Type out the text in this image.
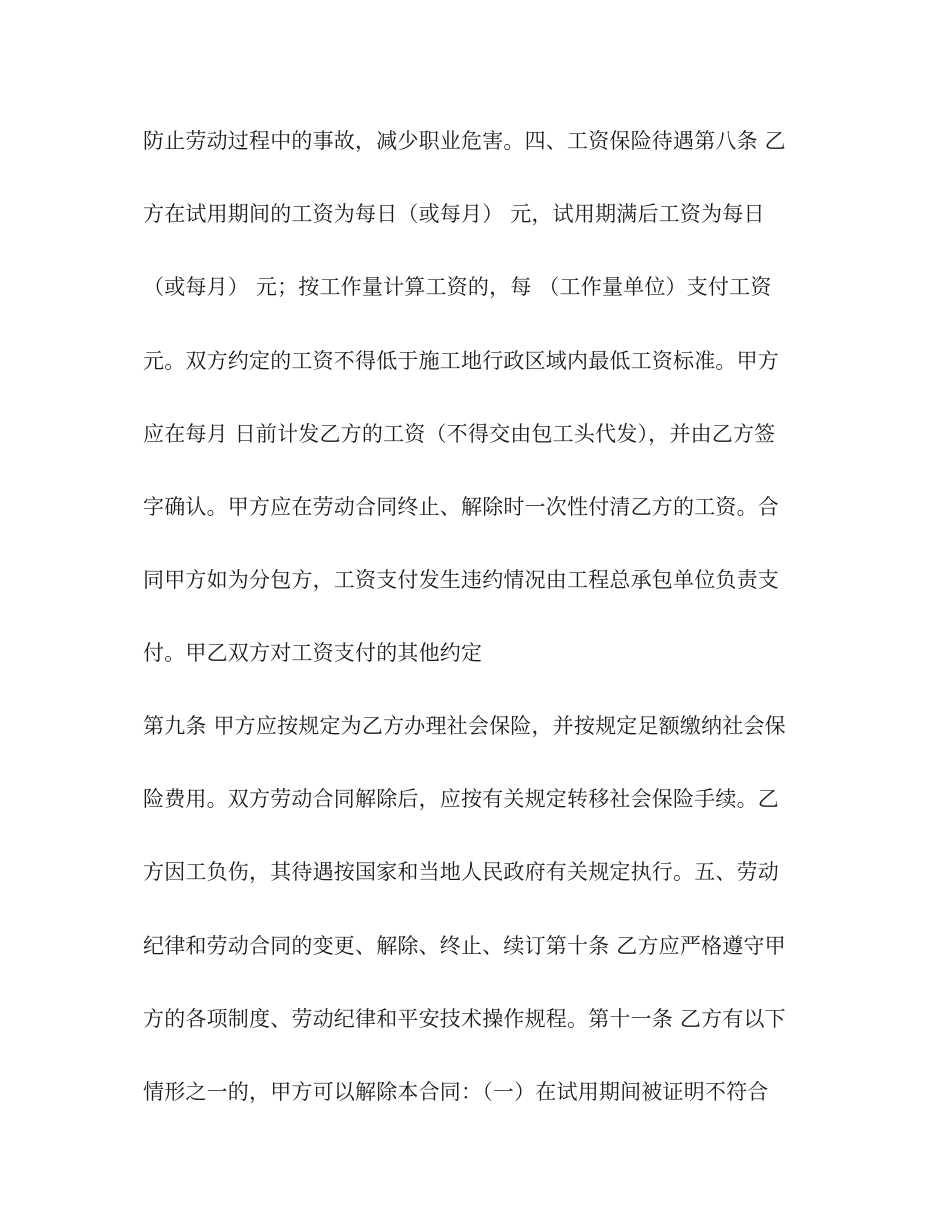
防止劳动过程中的事故，减少职业危害。四、工资保险待遇第八条 乙
方在试用期间的工资为每日（或每月） 元，试用期满后工资为每日
（或每月） 元；按工作量计算工资的，每 （工作量单位）支付工资
元。双方约定的工资不得低于施工地行政区域内最低工资标准。甲方
应在每月 日前计发乙方的工资（不得交由包工头代发），并由乙方签
字确认。甲方应在劳动合同终止、解除时一次性付清乙方的工资。合
同甲方如为分包方，工资支付发生违约情况由工程总承包单位负责支
付。甲乙双方对工资支付的其他约定
第九条 甲方应按规定为乙方办理社会保险，并按规定足额缴纳社会保
险费用。双方劳动合同解除后，应按有关规定转移社会保险手续。乙
方因工负伤，其待遇按国家和当地人民政府有关规定执行。五、劳动
纪律和劳动合同的变更、解除、终止、续订第十条 乙方应严格遵守甲
方的各项制度、劳动纪律和平安技术操作规程。第十一条 乙方有以下
情形之一的，甲方可以解除本合同：（一）在试用期间被证明不符合
